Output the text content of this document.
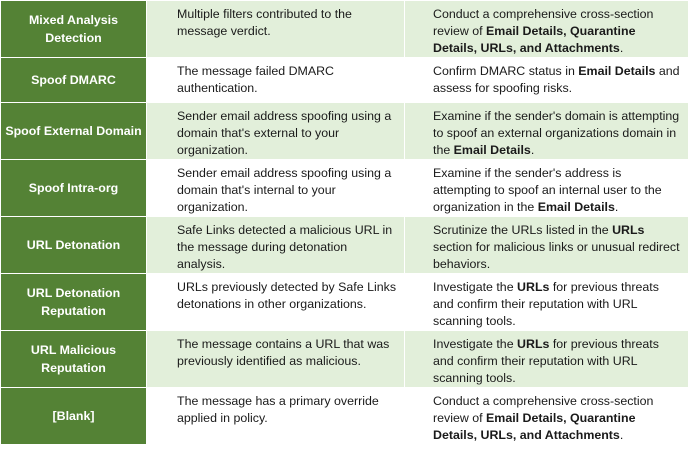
Mixed Analysis
Detection	Multiple filters contributed to the message verdict.	Conduct a comprehensive cross-section review of Email Details, Quarantine Details, URLs, and Attachments.
Spoof DMARC	The message failed DMARC authentication.	Confirm DMARC status in Email Details and assess for spoofing risks.
Spoof External Domain	Sender email address spoofing using a domain that's external to your organization.	Examine if the sender's domain is attempting to spoof an external organizations domain in the Email Details.
Spoof Intra-org	Sender email address spoofing using a domain that's internal to your organization.	Examine if the sender's address is attempting to spoof an internal user to the organization in the Email Details.
URL Detonation	Safe Links detected a malicious URL in the message during detonation analysis.	Scrutinize the URLs listed in the URLs section for malicious links or unusual redirect behaviors.
URL Detonation
Reputation	URLs previously detected by Safe Links detonations in other organizations.	Investigate the URLs for previous threats and confirm their reputation with URL scanning tools.
URL Malicious
Reputation	The message contains a URL that was previously identified as malicious.	Investigate the URLs for previous threats and confirm their reputation with URL scanning tools.
[Blank]	The message has a primary override applied in policy.	Conduct a comprehensive cross-section review of Email Details, Quarantine Details, URLs, and Attachments.
